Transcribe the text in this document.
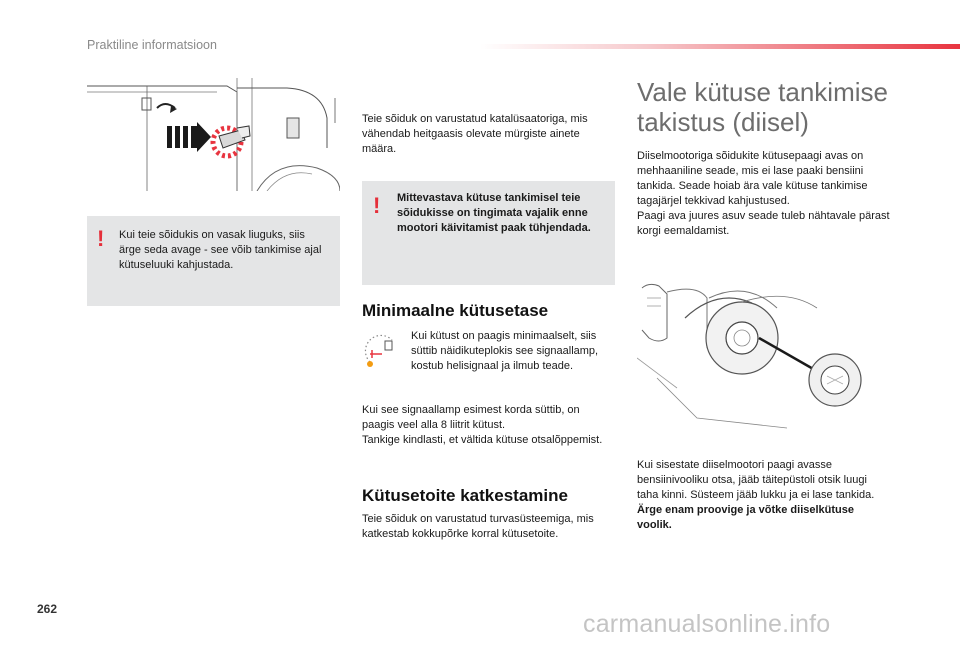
Praktiline informatsioon
! Kui teie sõidukis on vasak liuguks, siis ärge seda avage - see võib tankimise ajal kütuseluuki kahjustada.
Teie sõiduk on varustatud katalüsaatoriga, mis vähendab heitgaasis olevate mürgiste ainete määra.
! Mittevastava kütuse tankimisel teie sõidukisse on tingimata vajalik enne mootori käivitamist paak tühjendada.
Minimaalne kütusetase
Kui kütust on paagis minimaalselt, siis süttib näidikuteplokis see signaallamp, kostub helisignaal ja ilmub teade.
Kui see signaallamp esimest korda süttib, on paagis veel alla 8 liitrit kütust.
Tankige kindlasti, et vältida kütuse otsalõppemist.
Kütusetoite katkestamine
Teie sõiduk on varustatud turvasüsteemiga, mis katkestab kokkupõrke korral kütusetoite.
Vale kütuse tankimise
takistus (diisel)
Diiselmootoriga sõidukite kütusepaagi avas on mehhaaniline seade, mis ei lase paaki bensiini tankida. Seade hoiab ära vale kütuse tankimise tagajärjel tekkivad kahjustused.
Paagi ava juures asuv seade tuleb nähtavale pärast korgi eemaldamist.
Kui sisestate diiselmootori paagi avasse bensiinivooliku otsa, jääb täitepüstoli otsik luugi taha kinni. Süsteem jääb lukku ja ei lase tankida.
Ärge enam proovige ja võtke diiselkütuse voolik.
262
carmanualsonline.info
